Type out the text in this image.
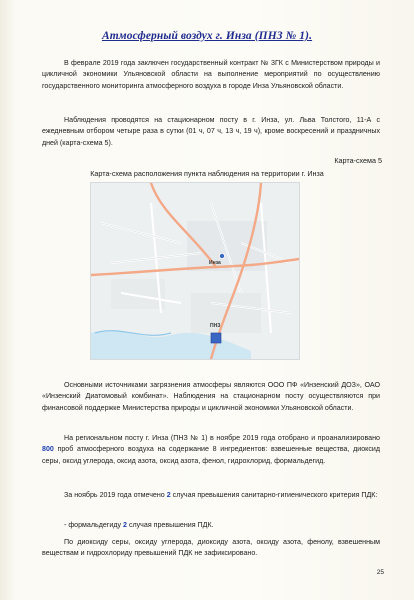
Атмосферный воздух г. Инза (ПНЗ № 1).
В феврале 2019 года заключен государственный контракт № 3ГК с Министерством природы и цикличной экономики Ульяновской области на выполнение мероприятий по осуществлению государственного мониторинга атмосферного воздуха в городе Инза Ульяновской области.
Наблюдения проводятся на стационарном посту в г. Инза, ул. Льва Толстого, 11-А с ежедневным отбором четыре раза в сутки (01 ч, 07 ч, 13 ч, 19 ч), кроме воскресений и праздничных дней (карта-схема 5).
Карта-схема 5
Карта-схема расположения пункта наблюдения на территории г. Инза
Инза
ПНЗ
Основными источниками загрязнения атмосферы являются ООО ПФ «Инзенский ДОЗ», ОАО «Инзенский Диатомовый комбинат». Наблюдения на стационарном посту осуществляются при финансовой поддержке Министерства природы и цикличной экономики Ульяновской области.
На региональном посту г. Инза (ПНЗ № 1) в ноябре 2019 года отобрано и проанализировано 800 проб атмосферного воздуха на содержание 8 ингредиентов: взвешенные вещества, диоксид серы, оксид углерода, оксид азота, оксид азота, фенол, гидрохлорид, формальдегид.
За ноябрь 2019 года отмечено 2 случая превышения санитарно-гигиенического критерия ПДК:
- формальдегиду 2 случая превышения ПДК.
По диоксиду серы, оксиду углерода, диоксиду азота, оксиду азота, фенолу, взвешенным веществам и гидрохлориду превышений ПДК не зафиксировано.
25
